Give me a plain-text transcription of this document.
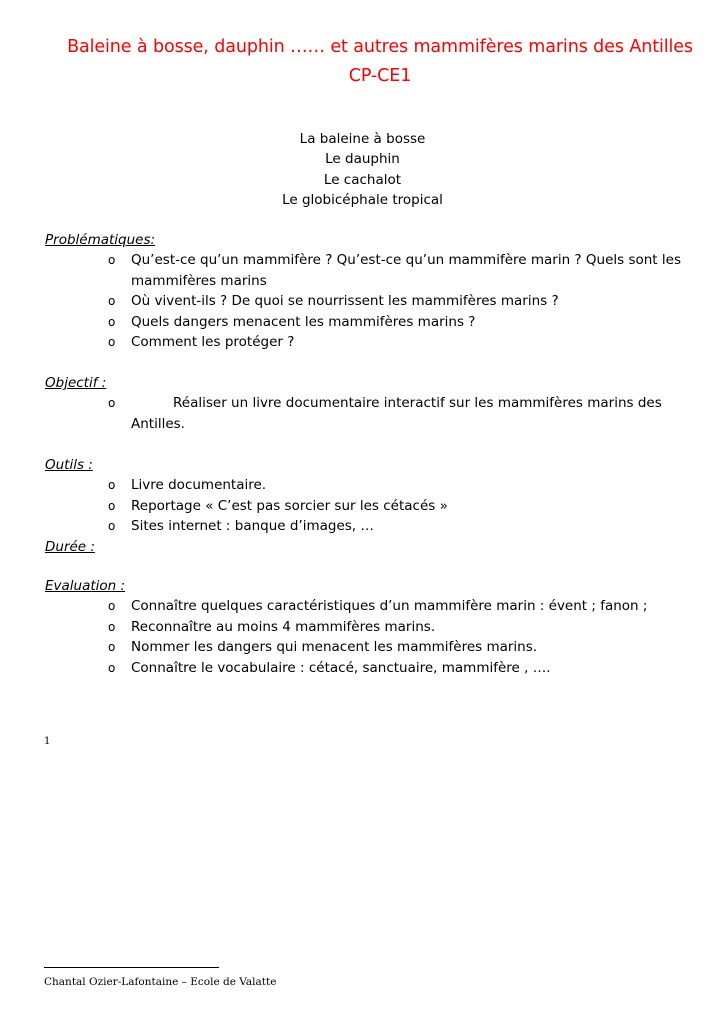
Baleine à bosse, dauphin …… et autres mammifères marins des Antilles
CP-CE1
La baleine à bosse
Le dauphin
Le cachalot
Le globicéphale tropical

Problématiques:

o Qu’est-ce qu’un mammifère ? Qu’est-ce qu’un mammifère marin ? Quels sont les mammifères marins
o Où vivent-ils ? De quoi se nourrissent les mammifères marins ?
o Quels dangers menacent les mammifères marins ?
o Comment les protéger ?

Objectif :

o	Réaliser un livre documentaire interactif sur les mammifères marins des Antilles.

Outils :

o Livre documentaire.
o Reportage « C’est pas sorcier sur les cétacés »
o Sites internet : banque d’images, …

Durée :

Evaluation :

o Connaître quelques caractéristiques d’un mammifère marin : évent ; fanon ;
o Reconnaître au moins 4 mammifères marins.
o Nommer les dangers qui menacent les mammifères marins.
o Connaître le vocabulaire : cétacé, sanctuaire, mammifère , ….
1
Chantal Ozier-Lafontaine – Ecole de Valatte
